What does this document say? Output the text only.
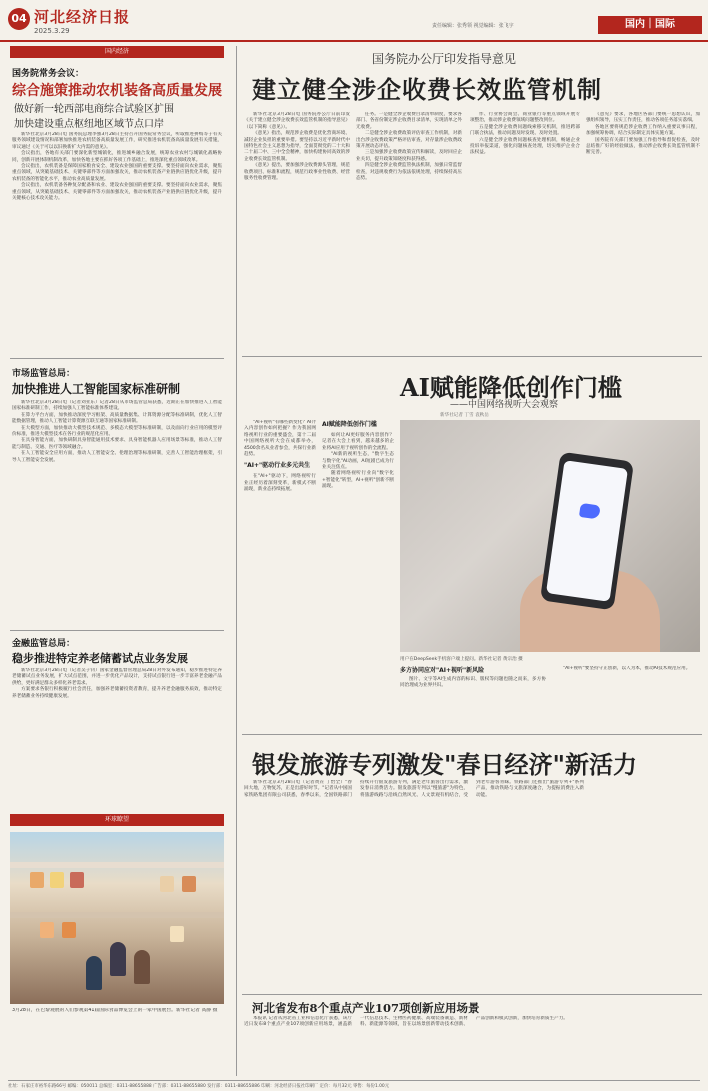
04 河北经济日报
2025.3.29
责任编辑：张秀领 视觉编辑：张飞宇	国内｜国际
国内经济
国务院常务会议：
综合施策推动农机装备高质量发展
做好新一轮西部电商综合试验区扩围
加快建设重点枢纽地区域节点口岸

新华社北京3月28日电 国务院总理李强3月28日主持召开国务院常务会议，听取推进拼购等子有关服务领域建设情况和部署加快推进农机装备高质量发展工作，研究推进农机装备高质量发展有关措施，审议通过《关于可以以旧换新扩大内需的意见》。

会议指出，各地有关部门要深化新型城镇化，推进城乡融合发展，统筹农业农村与城镇化战略协同，创新开展体制机制改革，加快各地主要在抓好各项工作基础上，推进深化重点领域改革。

会议指出，农机装备是保障国家粮食安全、建设农业强国的重要支撑。要坚持面向农业需求，聚焦重点领域，从突破基础技术、关键零部件等方面加强攻关，推动农机装备产业链供应链优化升级，提升农机装备的智能化水平，推动农业高质量发展。

会议指出，农机装备各种复杂配备和农业、建设农业强国的重要支撑。要坚持面向农业需求，聚焦重点领域，从突破基础技术、关键零部件等方面加强攻关，推动农机装备产业链供应链优化升级，提升关键核心技术攻关能力。

市场监管总局：
加快推进人工智能国家标准研制

新华社北京3月28日电（记者刘亚东）记者28日从市场监管总局获悉，近期正在加快推进人工智能国家标准研制工作，持续加强人工智能标准体系建设。

在算力平台方面，加快推动深度学习框架、高质量数据集、计算资源分配等标准研制，优化人工智能数据管理，推动人工智能计算资源互联互通等国家标准研制。

在大模型方面，加快推动大模型技术规范、多模态大模型等标准研制，以及面向行业应用的模型评价标准，推进大模型技术在各行业的规范化应用。

在具身智能方面，加快研制具身智能通用技术要求、具身智能机器人应用场景等标准，推动人工智能与制造、交通、医疗等领域融合。

在人工智能安全应用方面，推动人工智能安全、伦理治理等标准研制，完善人工智能治理框架，引导人工智能安全发展。

金融监管总局：
稳步推进特定养老储蓄试点业务发展

新华社北京3月28日电（记者吴子钊）国家金融监督管理总局28日对外发布通知，稳步推进特定养老储蓄试点业务发展，扩大试点范围，并进一步优化产品设计，支持试点银行进一步丰富养老金融产品供给，更好满足群众多样化养老需求。

方案要求各银行积极履行社会责任，加强养老储蓄投资者教育，提升养老金融服务质效，推动特定养老储蓄业务持续健康发展。

环球瞭望
3月28日，在巴黎观展的人们参观第41届国际食品博览会上的一家中国展台。新华社记者 高静 摄
国务院办公厅印发指导意见
建立健全涉企收费长效监管机制

新华社北京3月28日电 国务院办公厅日前印发《关于建立健全涉企收费长效监管机制的指导意见》（以下简称《意见》）。

《意见》指出，规范涉企收费是优化营商环境、减轻企业负担的重要举措。要坚持以习近平新时代中国特色社会主义思想为指导，全面贯彻党的二十大和二十届二中、三中全会精神，加快构建协同高效的涉企收费长效监管机制。

《意见》提出，要加强涉企收费源头管理，规范收费项目、标准和流程，规范行政事业性收费、经营服务性收费管理。

任务。一是健全涉企收费目录清单制度，要求各部门、各省份制定涉企收费目录清单，实现清单之外无收费。

二是健全涉企收费政策评估审查工作机制，对新出台涉企收费政策严格评估审查，对存量涉企收费政策开展动态评估。

三是加强涉企收费政策宣传和解读，及时回应企业关切，提升政策知晓度和获得感。

四是健全涉企收费监管执法机制，加强日常监督检查，对违规收费行为依法依规处理，持续保持高压态势。

作、行业协会商会、商业银行等重点领域开展专项整治，推动涉企收费领域问题整改到位。

五是健全涉企收费问题线索移交机制，推进跨部门联合执法，推动问题及时发现、及时处置。

六是健全涉企收费问题核查处理机制，畅通企业投诉举报渠道，强化问题核查处理，切实维护企业合法权益。

《意见》要求，各地区各部门要统一思想认识，加强组织领导，压实工作责任，推动各项任务落实落细。

各地区要将规范涉企收费工作纳入重要议事日程，加强统筹协调，结合实际制定具体实施方案。

国务院有关部门要加强工作指导和督促检查，及时总结推广好的经验做法，推动涉企收费长效监管机制不断完善。

AI赋能降低创作门槛
——中国网络视听大会观察
新华社记者 丁雪 袁秋岳

"AI+视听"有哪些新变化？AI介入内容创作如何把握？作为我国网络视听行业的重要盛会，第十二届中国网络视听大会在成都举办，4500余名从业者参会，共探行业新趋势。

"AI+"驱动行业多元共生

在"AI+"驱动下，网络视听行业正经历着深刻变革，新模式不断涌现，新业态持续拓展。

AI赋能降低创作门槛

如何让AI更好服务内容创作？记者在大会上看到，越来越多的企业将AI应用于视听创作的全流程。

"AI新的视听生态，"数字生态与数字化"AI动画，AI短剧已成为行业关注焦点。

随着网络视听行业向"数字化+智能化"转型，AI+视听"创新不断涌现。

用户在DeepSeek手机客户端上提问。新华社记者 黄宗治 摄
多方协同应对"AI+视听"新风险

图片、文字等AI生成内容的标识、版权等问题也随之而来，多方协同治理成为业界共识。

"AI+视听"要坚持守正创新，以人为本，推动AI技术规范应用。

银发旅游专列激发"春日经济"新活力

新华社北京3月28日电（记者黄垚 丁怡全）"春回大地，万物复苏，正是出游好时节。"记者从中国国家铁路集团有限公司获悉，春季以来，全国铁路部门持续开行银发旅游专列，满足老年旅客出行需求，激发春日消费活力。银发旅游专列以"慢旅游"为特色，将旅游线路与沿线自然风光、人文景观有机结合，受到老年游客青睐。铁路部门还推出"旅游专列+"系列产品，推动铁路与文旅深度融合，为提振消费注入新动能。

河北省发布8个重点产业107项创新应用场景

本报讯 记者从河北省工业和信息化厅获悉，该厅近日发布8个重点产业107项创新应用场景，涵盖新一代信息技术、生物医药健康、高端装备制造、新材料、新能源等领域，旨在以场景创新带动技术创新、产品创新和模式创新，加快培育新质生产力。

社址：石家庄市裕华东路66号 邮编：050011 总编室：0311-88655888 广告部：0311-88655880 发行部：0311-88655886 印刷：河北经济日报社印刷厂 定价：每月32元 零售：每份1.00元
